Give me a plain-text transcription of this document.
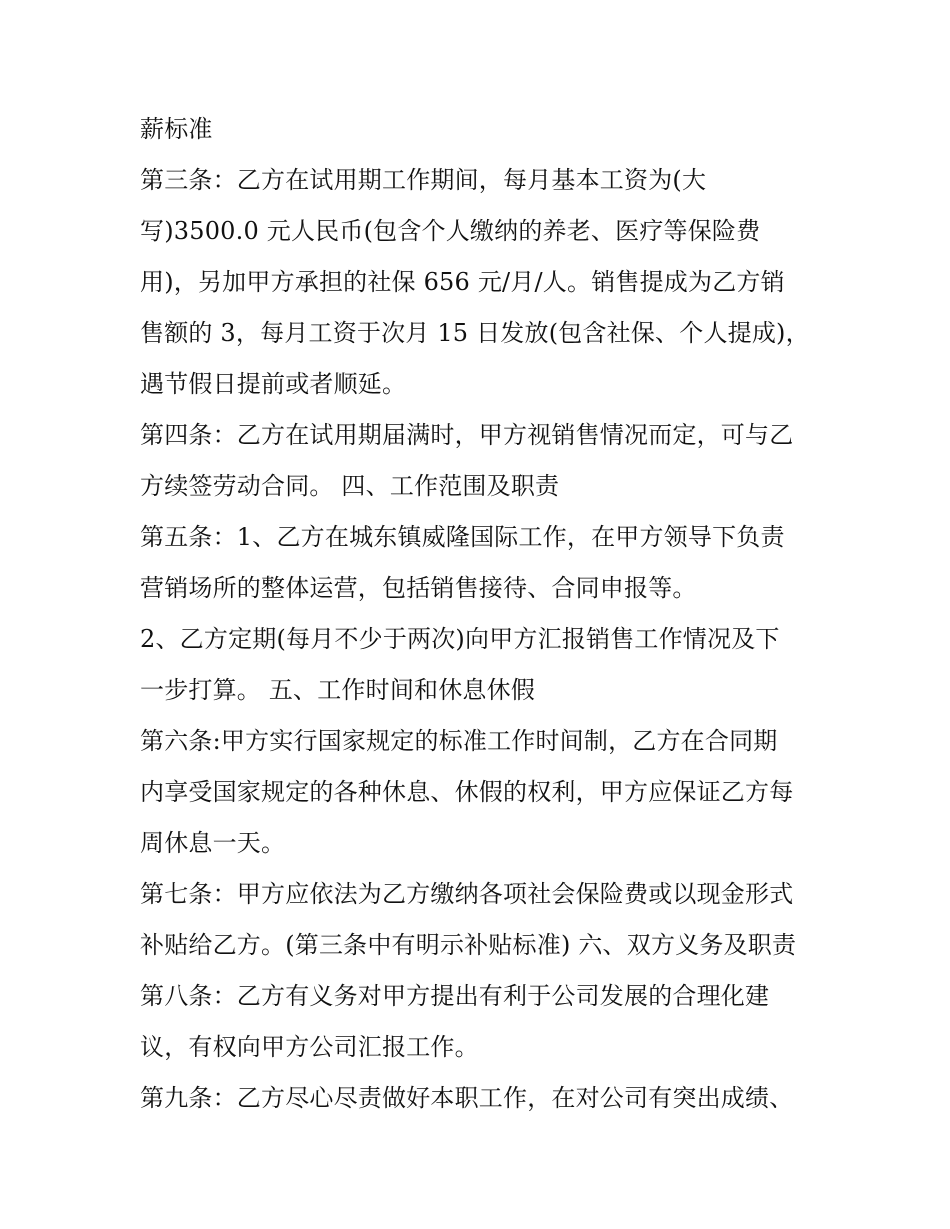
薪标准
第三条：乙方在试用期工作期间，每月基本工资为(大
写)3500.0 元人民币(包含个人缴纳的养老、医疗等保险费
用)，另加甲方承担的社保 656 元/月/人。销售提成为乙方销
售额的 3，每月工资于次月 15 日发放(包含社保、个人提成)，
遇节假日提前或者顺延。
第四条：乙方在试用期届满时，甲方视销售情况而定，可与乙
方续签劳动合同。 四、工作范围及职责
第五条：1、乙方在城东镇威隆国际工作，在甲方领导下负责
营销场所的整体运营，包括销售接待、合同申报等。
2、乙方定期(每月不少于两次)向甲方汇报销售工作情况及下
一步打算。 五、工作时间和休息休假
第六条:甲方实行国家规定的标准工作时间制，乙方在合同期
内享受国家规定的各种休息、休假的权利，甲方应保证乙方每
周休息一天。
第七条：甲方应依法为乙方缴纳各项社会保险费或以现金形式
补贴给乙方。(第三条中有明示补贴标准) 六、双方义务及职责
第八条：乙方有义务对甲方提出有利于公司发展的合理化建
议，有权向甲方公司汇报工作。
第九条：乙方尽心尽责做好本职工作，在对公司有突出成绩、
